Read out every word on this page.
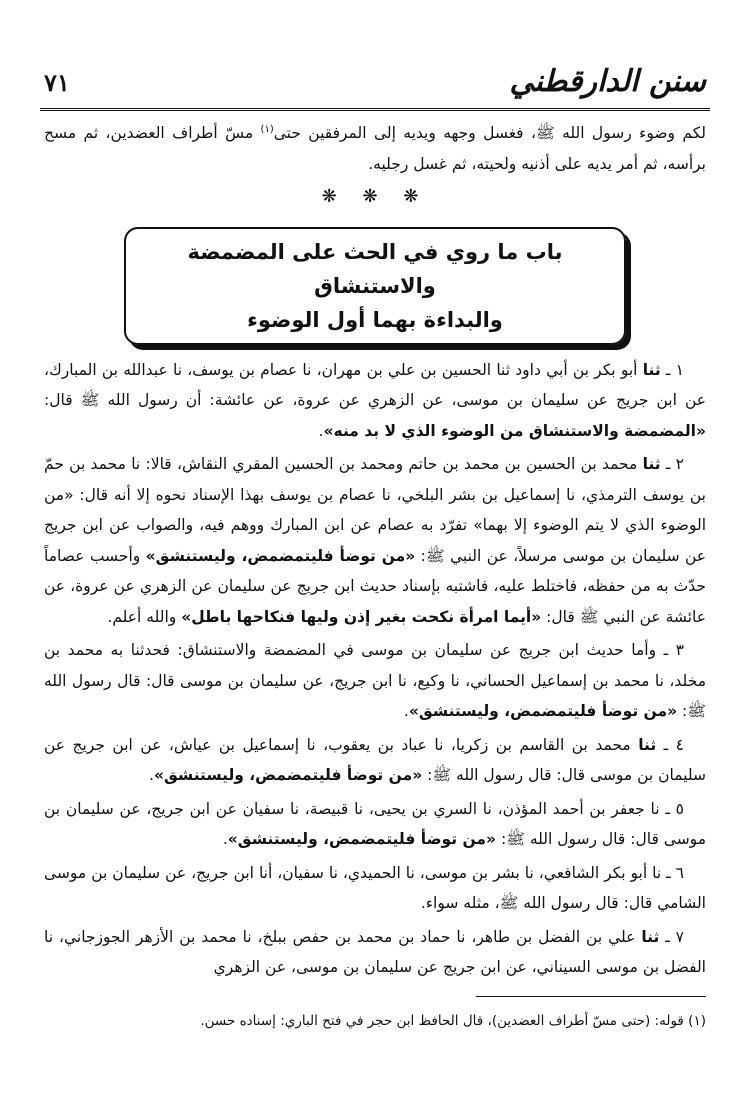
سنن الدارقطني
٧١

لكم وضوء رسول الله ﷺ، فغسل وجهه ويديه إلى المرفقين حتى$^{(١)}$ مسّ أطراف العضدين، ثم مسح برأسه، ثم أمر يديه على أذنيه ولحيته، ثم غسل رجليه.

❋ ❋ ❋
باب ما روي في الحث على المضمضة والاستنشاق
والبداءة بهما أول الوضوء

١ ـ ثنا أبو بكر بن أبي داود ثنا الحسين بن علي بن مهران، نا عصام بن يوسف، نا عبدالله بن المبارك، عن ابن جريج عن سليمان بن موسى، عن الزهري عن عروة، عن عائشة: أن رسول الله ﷺ قال: «المضمضة والاستنشاق من الوضوء الذي لا بد منه».

٢ ـ ثنا محمد بن الحسين بن محمد بن حاتم ومحمد بن الحسين المقري النقاش، قالا: نا محمد بن حمّ بن يوسف الترمذي، نا إسماعيل بن بشر البلخي، نا عصام بن يوسف بهذا الإسناد نحوه إلا أنه قال: «من الوضوء الذي لا يتم الوضوء إلا بهما» تفرّد به عصام عن ابن المبارك ووهم فيه، والصواب عن ابن جريج عن سليمان بن موسى مرسلاً، عن النبي ﷺ: «من توضأ فليتمضمض، وليستنشق» وأحسب عصاماً حدّث به من حفظه، فاختلط عليه، فاشتبه بإسناد حديث ابن جريج عن سليمان عن الزهري عن عروة، عن عائشة عن النبي ﷺ قال: «أيما امرأة نكحت بغير إذن وليها فنكاحها باطل» والله أعلم.

٣ ـ وأما حديث ابن جريج عن سليمان بن موسى في المضمضة والاستنشاق: فحدثنا به محمد بن مخلد، نا محمد بن إسماعيل الحساني، نا وكيع، نا ابن جريج، عن سليمان بن موسى قال: قال رسول الله ﷺ: «من توضأ فليتمضمض، وليستنشق».

٤ ـ ثنا محمد بن القاسم بن زكريا، نا عباد بن يعقوب، نا إسماعيل بن عياش، عن ابن جريج عن سليمان بن موسى قال: قال رسول الله ﷺ: «من توضأ فليتمضمض، وليستنشق».

٥ ـ نا جعفر بن أحمد المؤذن، نا السري بن يحيى، نا قبيصة، نا سفيان عن ابن جريج، عن سليمان بن موسى قال: قال رسول الله ﷺ: «من توضأ فليتمضمض، وليستنشق».

٦ ـ نا أبو بكر الشافعي، نا بشر بن موسى، نا الحميدي، نا سفيان، أنا ابن جريج، عن سليمان بن موسى الشامي قال: قال رسول الله ﷺ، مثله سواء.

٧ ـ ثنا علي بن الفضل بن طاهر، نا حماد بن محمد بن حفص ببلخ، نا محمد بن الأزهر الجوزجاني، نا الفضل بن موسى السيناني، عن ابن جريج عن سليمان بن موسى، عن الزهري

(١) قوله: (حتى مسّ أطراف العضدين)، قال الحافظ ابن حجر في فتح الباري: إسناده حسن.
